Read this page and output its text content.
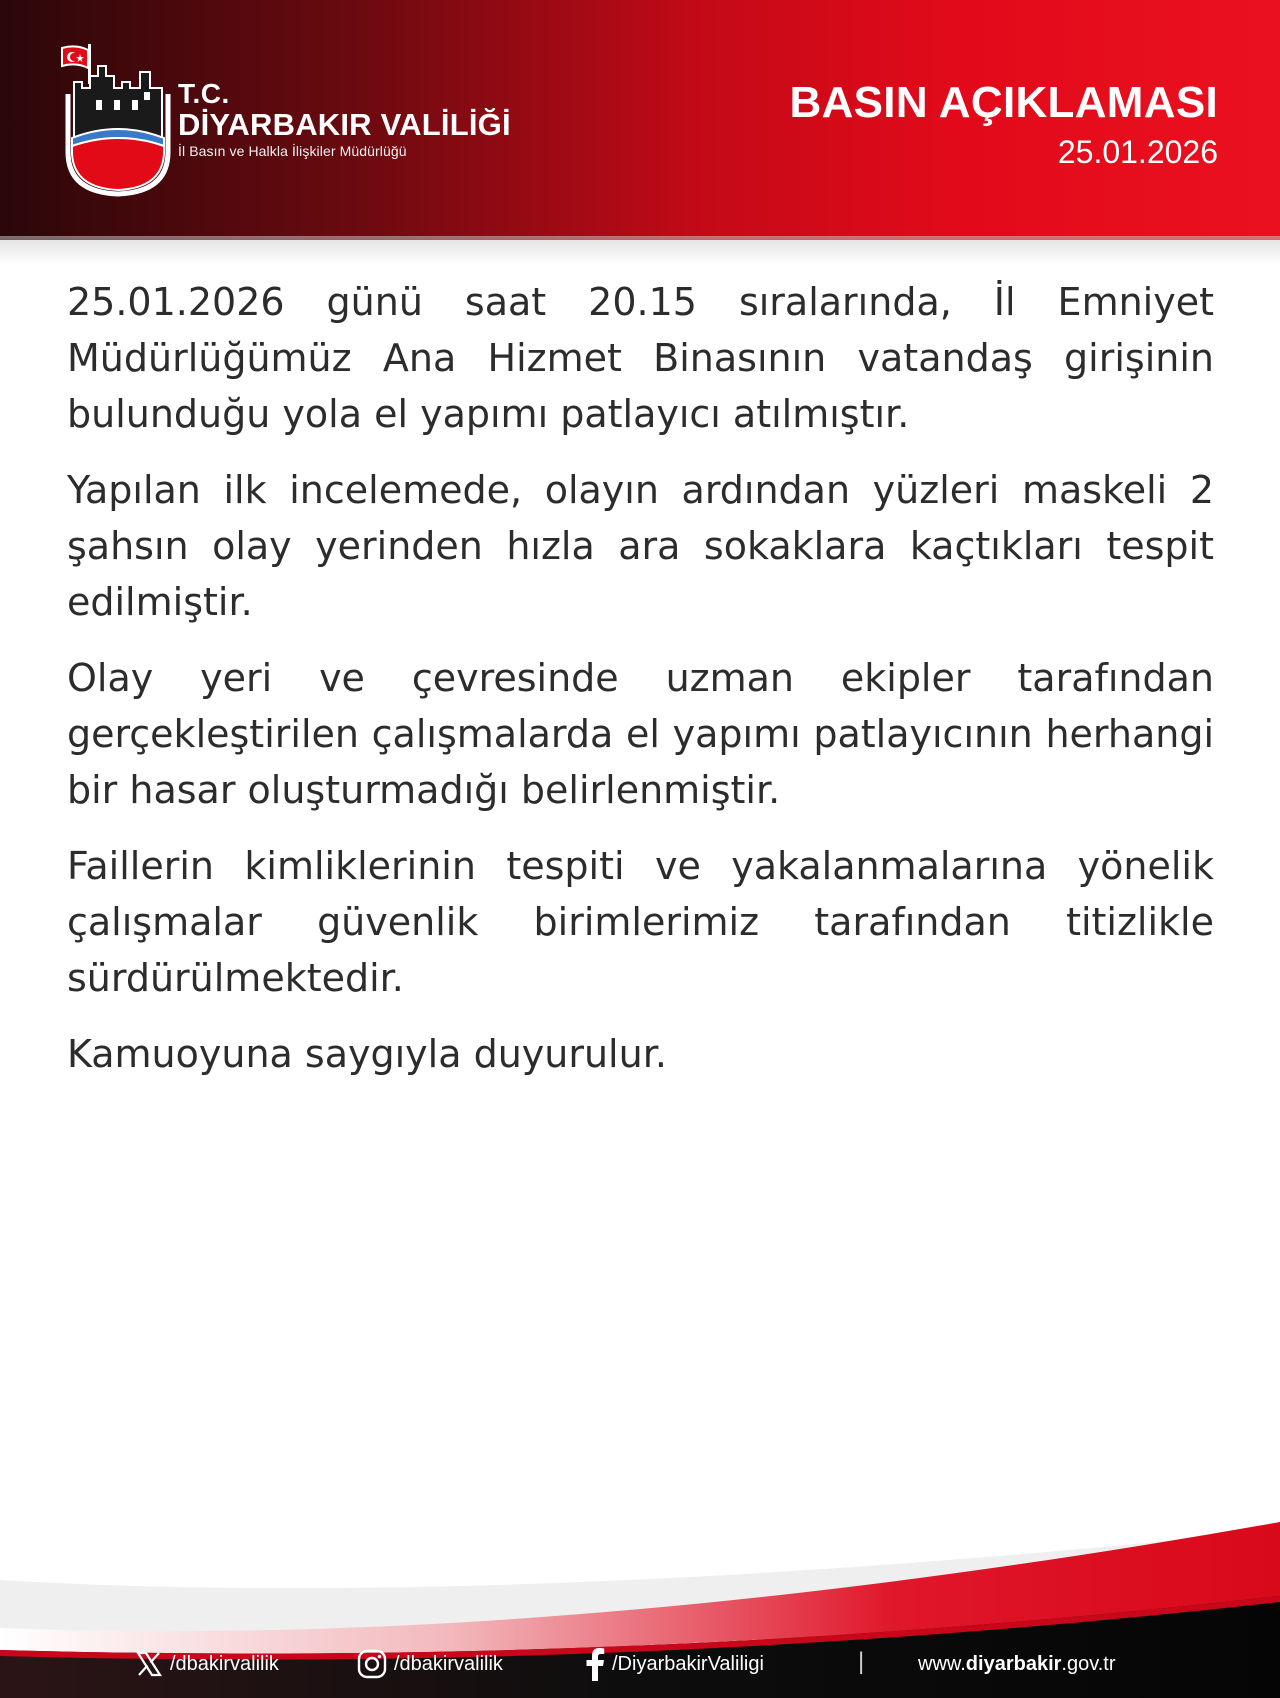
T.C.
DİYARBAKIR VALİLİĞİ
İl Basın ve Halkla İlişkiler Müdürlüğü
BASIN AÇIKLAMASI
25.01.2026

25.01.2026 günü saat 20.15 sıralarında, İl Emniyet Müdürlüğümüz Ana Hizmet Binasının vatandaş girişinin bulunduğu yola el yapımı patlayıcı atılmıştır.

Yapılan ilk incelemede, olayın ardından yüzleri maskeli 2 şahsın olay yerinden hızla ara sokaklara kaçtıkları tespit edilmiştir.

Olay yeri ve çevresinde uzman ekipler tarafından gerçekleştirilen çalışmalarda el yapımı patlayıcının herhangi bir hasar oluşturmadığı belirlenmiştir.

Faillerin kimliklerinin tespiti ve yakalanmalarına yönelik çalışmalar güvenlik birimlerimiz tarafından titizlikle sürdürülmektedir.

Kamuoyuna saygıyla duyurulur.

/dbakirvalilik	/dbakirvalilik	/DiyarbakirValiligi	|	www. diyarbakir .gov.tr
